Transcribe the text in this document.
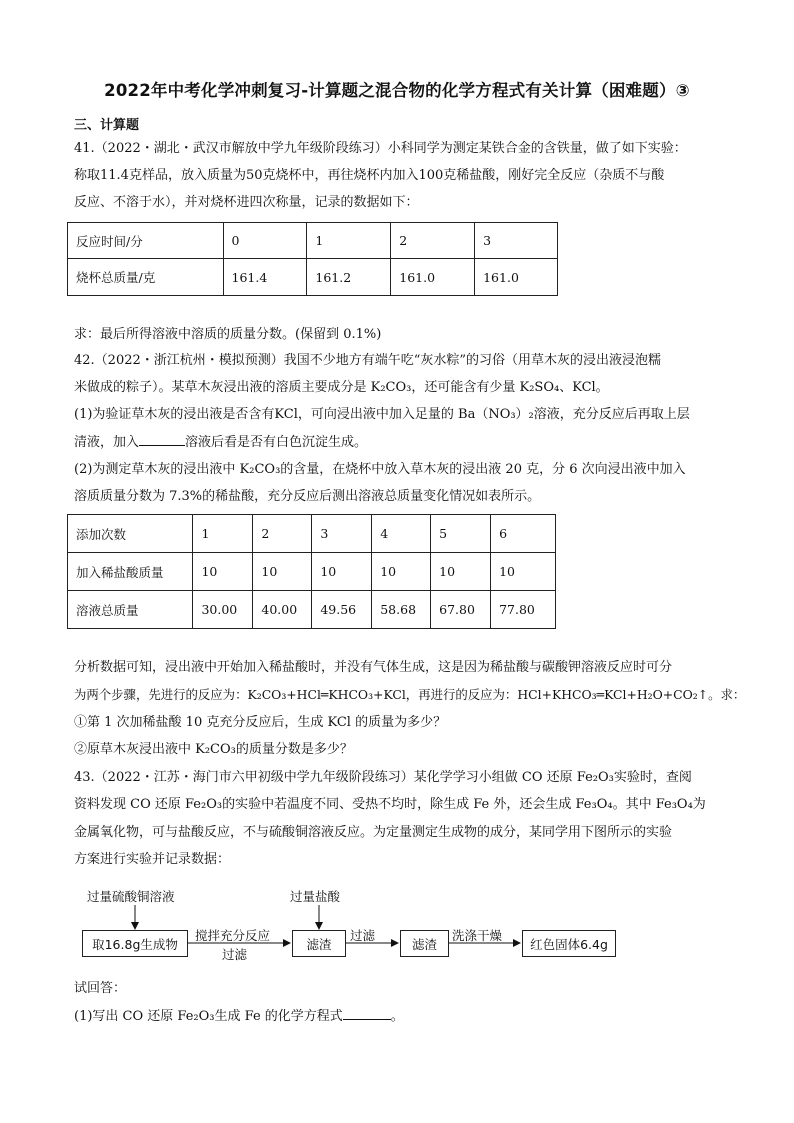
2022年中考化学冲刺复习-计算题之混合物的化学方程式有关计算（困难题）③
三、计算题
41.（2022・湖北・武汉市解放中学九年级阶段练习）小科同学为测定某铁合金的含铁量，做了如下实验：
称取11.4克样品，放入质量为50克烧杯中，再往烧杯内加入100克稀盐酸，刚好完全反应（杂质不与酸
反应、不溶于水），并对烧杯进四次称量，记录的数据如下：
反应时间/分	0	1	2	3
烧杯总质量/克	161.4	161.2	161.0	161.0
求：最后所得溶液中溶质的质量分数。(保留到 0.1%)
42.（2022・浙江杭州・模拟预测）我国不少地方有端午吃“灰水粽”的习俗（用草木灰的浸出液浸泡糯
米做成的粽子）。某草木灰浸出液的溶质主要成分是 K₂CO₃，还可能含有少量 K₂SO₄、KCl。
(1)为验证草木灰的浸出液是否含有KCl，可向浸出液中加入足量的 Ba（NO₃）₂溶液，充分反应后再取上层
清液，加入	溶液后看是否有白色沉淀生成。
(2)为测定草木灰的浸出液中 K₂CO₃的含量，在烧杯中放入草木灰的浸出液 20 克，分 6 次向浸出液中加入
溶质质量分数为 7.3%的稀盐酸，充分反应后测出溶液总质量变化情况如表所示。
添加次数	1	2	3	4	5	6
加入稀盐酸质量	10	10	10	10	10	10
溶液总质量	30.00	40.00	49.56	58.68	67.80	77.80
分析数据可知，浸出液中开始加入稀盐酸时，并没有气体生成，这是因为稀盐酸与碳酸钾溶液反应时可分
为两个步骤，先进行的反应为：K₂CO₃+HCl═KHCO₃+KCl，再进行的反应为：HCl+KHCO₃═KCl+H₂O+CO₂↑。求：
①第 1 次加稀盐酸 10 克充分反应后，生成 KCl 的质量为多少？
②原草木灰浸出液中 K₂CO₃的质量分数是多少？
43.（2022・江苏・海门市六甲初级中学九年级阶段练习）某化学学习小组做 CO 还原 Fe₂O₃实验时，查阅
资料发现 CO 还原 Fe₂O₃的实验中若温度不同、受热不均时，除生成 Fe 外，还会生成 Fe₃O₄。其中 Fe₃O₄为
金属氧化物，可与盐酸反应，不与硫酸铜溶液反应。为定量测定生成物的成分，某同学用下图所示的实验
方案进行实验并记录数据：
过量硫酸铜溶液	过量盐酸
取16.8g生成物
搅拌充分反应
过滤
滤渣
过滤
滤渣
洗涤干燥
红色固体6.4g
试回答：
(1)写出 CO 还原 Fe₂O₃生成 Fe 的化学方程式	。
